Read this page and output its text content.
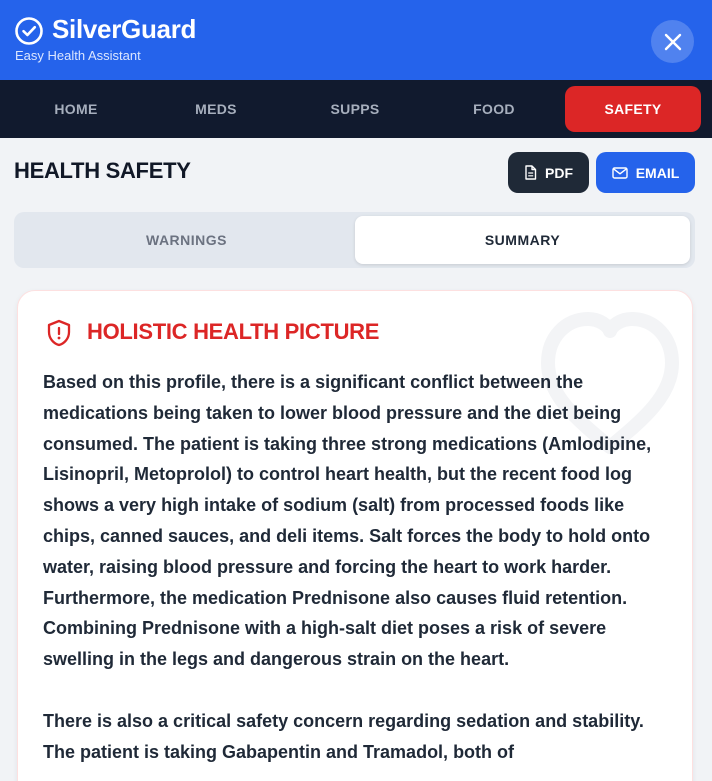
SilverGuard
Easy Health Assistant
HOME	MEDS	SUPPS	FOOD	SAFETY
HEALTH SAFETY	PDF	EMAIL
WARNINGS	SUMMARY
HOLISTIC HEALTH PICTURE

Based on this profile, there is a significant conflict between the medications being taken to lower blood pressure and the diet being consumed. The patient is taking three strong medications (Amlodipine, Lisinopril, Metoprolol) to control heart health, but the recent food log shows a very high intake of sodium (salt) from processed foods like chips, canned sauces, and deli items. Salt forces the body to hold onto water, raising blood pressure and forcing the heart to work harder. Furthermore, the medication Prednisone also causes fluid retention. Combining Prednisone with a high-salt diet poses a risk of severe swelling in the legs and dangerous strain on the heart.

There is also a critical safety concern regarding sedation and stability. The patient is taking Gabapentin and Tramadol, both of
